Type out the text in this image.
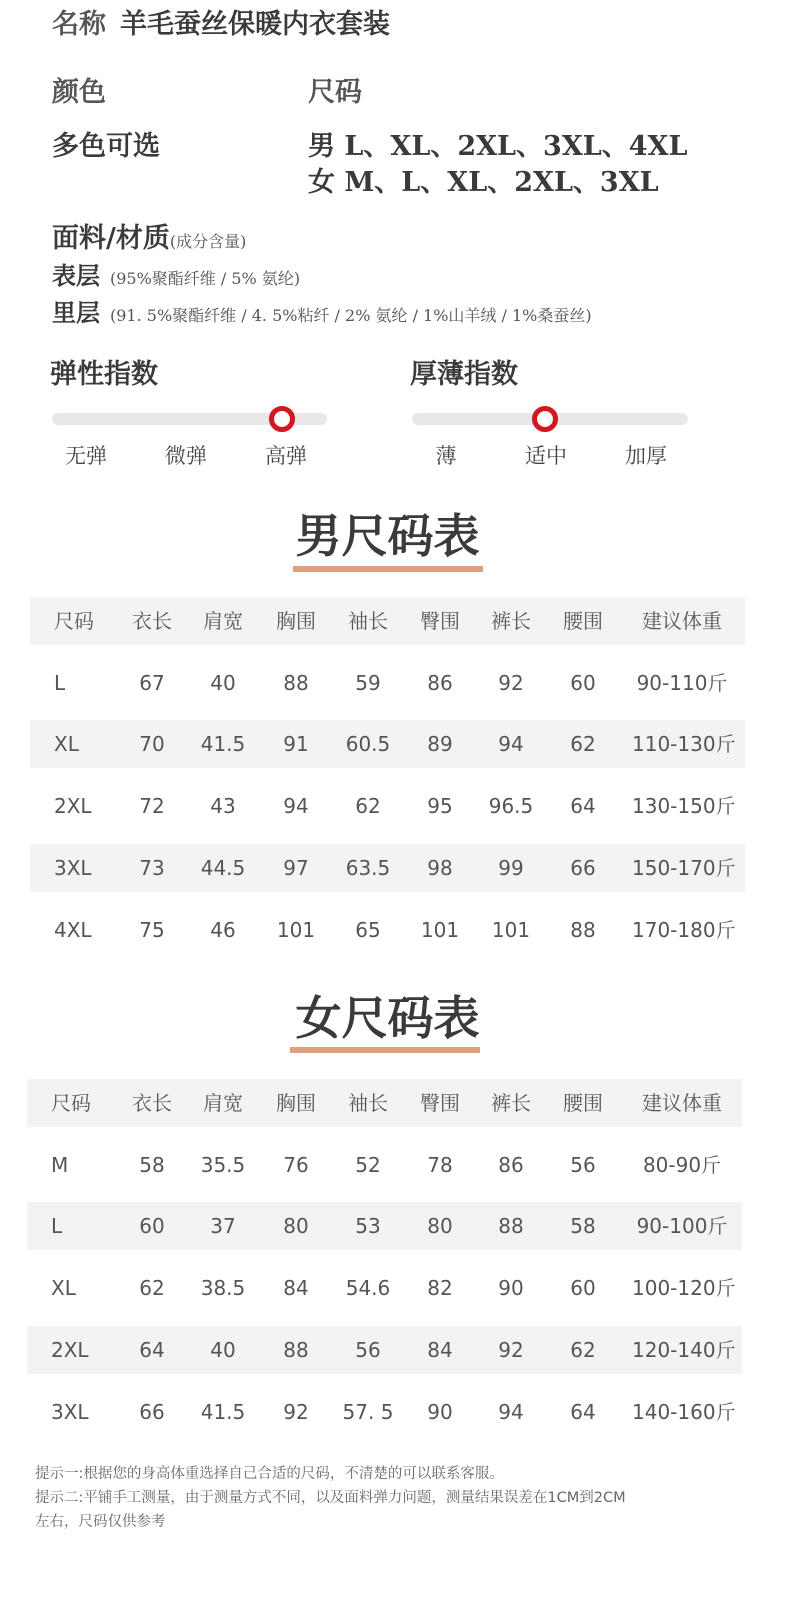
名称 羊毛蚕丝保暖内衣套装
颜色	尺码
多色可选	男 L、XL、2XL、3XL、4XL
女 M、L、XL、2XL、3XL
面料/材质(成分含量)
表层 (95%聚酯纤维 / 5% 氨纶)
里层 (91. 5%聚酯纤维 / 4. 5%粘纤 / 2% 氨纶 / 1%山羊绒 / 1%桑蚕丝)
弹性指数	厚薄指数
无弹	微弹	高弹	薄	适中	加厚
男尺码表
尺码	衣长	肩宽	胸围	袖长	臀围	裤长	腰围	建议体重
L	67	40	88	59	86	92	60	90-110斤
XL	70	41.5	91	60.5	89	94	62	110-130斤
2XL	72	43	94	62	95	96.5	64	130-150斤
3XL	73	44.5	97	63.5	98	99	66	150-170斤
4XL	75	46	101	65	101	101	88	170-180斤
女尺码表
尺码	衣长	肩宽	胸围	袖长	臀围	裤长	腰围	建议体重
M	58	35.5	76	52	78	86	56	80-90斤
L	60	37	80	53	80	88	58	90-100斤
XL	62	38.5	84	54.6	82	90	60	100-120斤
2XL	64	40	88	56	84	92	62	120-140斤
3XL	66	41.5	92	57. 5	90	94	64	140-160斤
提示一:根据您的身高体重选择自己合适的尺码，不清楚的可以联系客服。
提示二:平铺手工测量，由于测量方式不同，以及面料弹力问题，测量结果误差在1CM到2CM
左右，尺码仅供参考
